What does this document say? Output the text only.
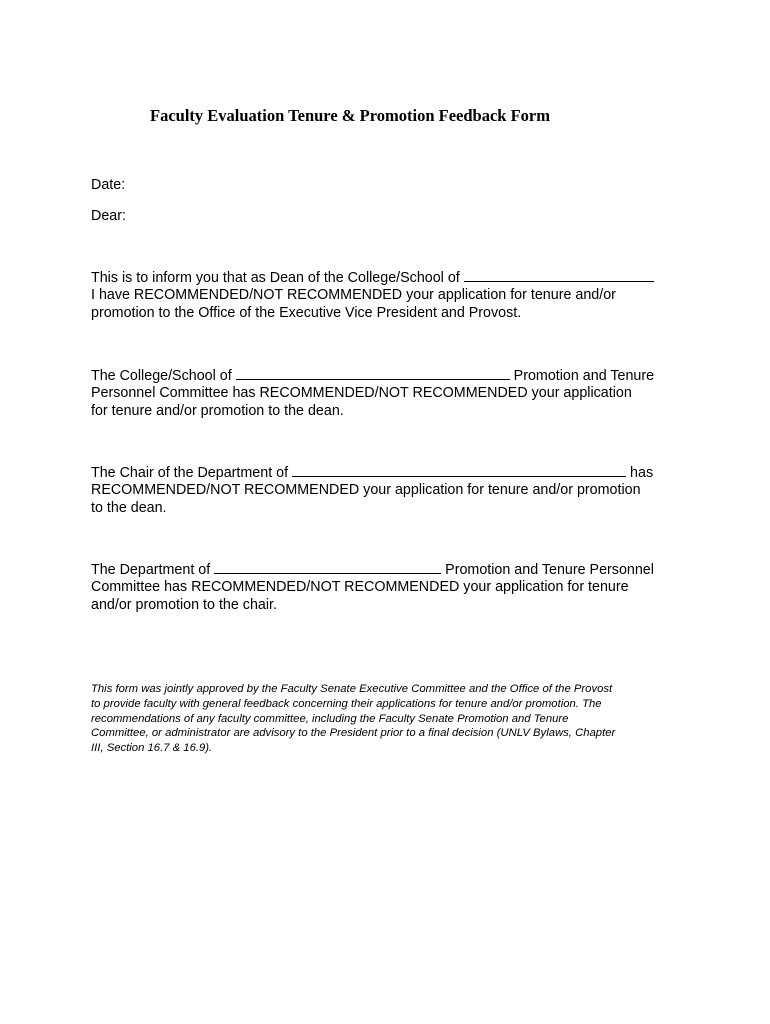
Faculty Evaluation Tenure & Promotion Feedback Form
Date:
Dear:
This is to inform you that as Dean of the College/School of
I have RECOMMENDED/NOT RECOMMENDED your application for tenure and/or
promotion to the Office of the Executive Vice President and Provost.
The College/School of	Promotion and Tenure
Personnel Committee has RECOMMENDED/NOT RECOMMENDED your application
for tenure and/or promotion to the dean.
The Chair of the Department of	has
RECOMMENDED/NOT RECOMMENDED your application for tenure and/or promotion
to the dean.
The Department of	Promotion and Tenure Personnel
Committee has RECOMMENDED/NOT RECOMMENDED your application for tenure
and/or promotion to the chair.
This form was jointly approved by the Faculty Senate Executive Committee and the Office of the Provost
to provide faculty with general feedback concerning their applications for tenure and/or promotion. The
recommendations of any faculty committee, including the Faculty Senate Promotion and Tenure
Committee, or administrator are advisory to the President prior to a final decision (UNLV Bylaws, Chapter
III, Section 16.7 & 16.9).
